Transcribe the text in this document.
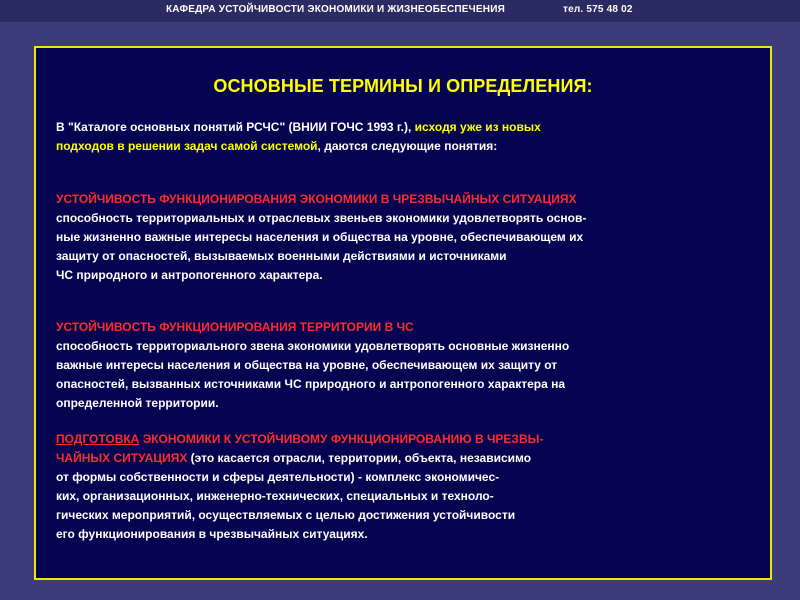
КАФЕДРА УСТОЙЧИВОСТИ ЭКОНОМИКИ И ЖИЗНЕОБЕСПЕЧЕНИЯ	тел. 575 48 02
ОСНОВНЫЕ ТЕРМИНЫ И ОПРЕДЕЛЕНИЯ:
В "Каталоге основных понятий РСЧС" (ВНИИ ГОЧС 1993 г.), исходя уже из новых
подходов в решении задач самой системой, даются следующие понятия:
УСТОЙЧИВОСТЬ ФУНКЦИОНИРОВАНИЯ ЭКОНОМИКИ В ЧРЕЗВЫЧАЙНЫХ СИТУАЦИЯХ
способность территориальных и отраслевых звеньев экономики удовлетворять основ-
ные жизненно важные интересы населения и общества на уровне, обеспечивающем их
защиту от опасностей, вызываемых военными действиями и источниками
ЧС природного и антропогенного характера.
УСТОЙЧИВОСТЬ ФУНКЦИОНИРОВАНИЯ ТЕРРИТОРИИ В ЧС
способность территориального звена экономики удовлетворять основные жизненно
важные интересы населения и общества на уровне, обеспечивающем их защиту от
опасностей, вызванных источниками ЧС природного и антропогенного характера на
определенной территории.
ПОДГОТОВКА ЭКОНОМИКИ К УСТОЙЧИВОМУ ФУНКЦИОНИРОВАНИЮ В ЧРЕЗВЫ-
ЧАЙНЫХ СИТУАЦИЯХ (это касается отрасли, территории, объекта, независимо
от формы собственности и сферы деятельности) - комплекс экономичес-
ких, организационных, инженерно-технических, специальных и техноло-
гических мероприятий, осуществляемых с целью достижения устойчивости
его функционирования в чрезвычайных ситуациях.
